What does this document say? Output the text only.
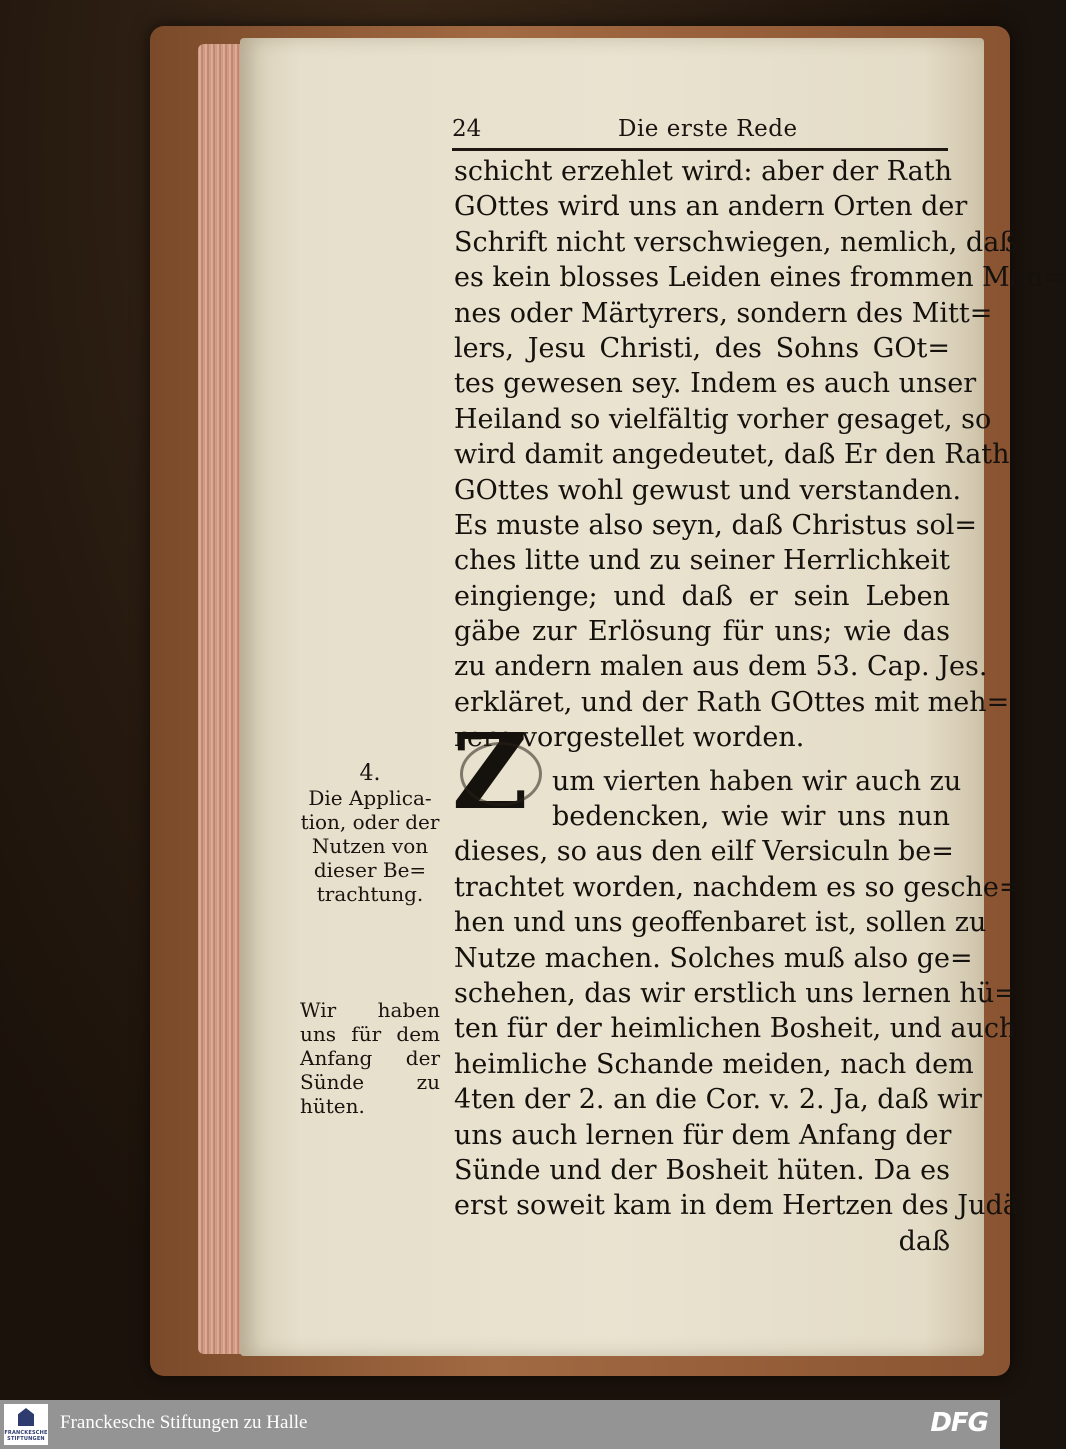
24	Die erste Rede
schicht erzehlet wird: aber der Rath
GOttes wird uns an andern Orten der
Schrift nicht verschwiegen, nemlich, daß
es kein blosses Leiden eines frommen Man=
nes oder Märtyrers, sondern des Mitt=
lers, Jesu Christi, des Sohns GOt=
tes gewesen sey. Indem es auch unser
Heiland so vielfältig vorher gesaget, so
wird damit angedeutet, daß Er den Rath
GOttes wohl gewust und verstanden.
Es muste also seyn, daß Christus sol=
ches litte und zu seiner Herrlichkeit
eingienge; und daß er sein Leben
gäbe zur Erlösung für uns; wie das
zu andern malen aus dem 53. Cap. Jes.
erkläret, und der Rath GOttes mit meh=
rern vorgestellet worden.
um vierten haben wir auch zu
bedencken, wie wir uns nun
dieses, so aus den eilf Versiculn be=
trachtet worden, nachdem es so gesche=
hen und uns geoffenbaret ist, sollen zu
Nutze machen. Solches muß also ge=
schehen, das wir erstlich uns lernen hü=
ten für der heimlichen Bosheit, und auch
heimliche Schande meiden, nach dem
4ten der 2. an die Cor. v. 2. Ja, daß wir
uns auch lernen für dem Anfang der
Sünde und der Bosheit hüten. Da es
erst soweit kam in dem Hertzen des Judä,
daß
Z
4.
Die Applica-
tion, oder der
Nutzen von
dieser Be=
trachtung.
Wir haben
uns für dem
Anfang der
Sünde zu
hüten.
FRANCKESCHE STIFTUNGEN
Franckesche Stiftungen zu Halle	DFG
